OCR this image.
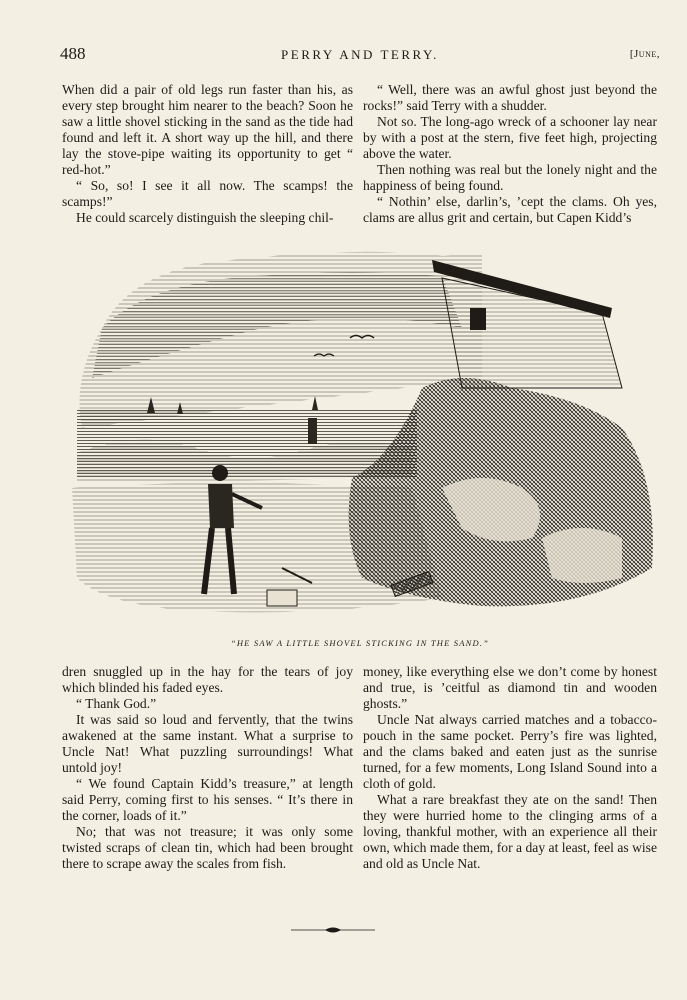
488	PERRY AND TERRY.	[June,

When did a pair of old legs run faster than his, as every step brought him nearer to the beach? Soon he saw a little shovel sticking in the sand as the tide had found and left it. A short way up the hill, and there lay the stove-pipe waiting its opportunity to get “ red-hot.”

“ So, so! I see it all now. The scamps! the scamps!”

He could scarcely distinguish the sleeping chil-

“ Well, there was an awful ghost just beyond the rocks!” said Terry with a shudder.

Not so. The long-ago wreck of a schooner lay near by with a post at the stern, five feet high, projecting above the water.

Then nothing was real but the lonely night and the happiness of being found.

“ Nothin’ else, darlin’s, ’cept the clams. Oh yes, clams are allus grit and certain, but Capen Kidd’s

“HE SAW A LITTLE SHOVEL STICKING IN THE SAND.”

dren snuggled up in the hay for the tears of joy which blinded his faded eyes.

“ Thank God.”

It was said so loud and fervently, that the twins awakened at the same instant. What a surprise to Uncle Nat! What puzzling surroundings! What untold joy!

“ We found Captain Kidd’s treasure,” at length said Perry, coming first to his senses. “ It’s there in the corner, loads of it.”

No; that was not treasure; it was only some twisted scraps of clean tin, which had been brought there to scrape away the scales from fish.

money, like everything else we don’t come by honest and true, is ’ceitful as diamond tin and wooden ghosts.”

Uncle Nat always carried matches and a tobacco-pouch in the same pocket. Perry’s fire was lighted, and the clams baked and eaten just as the sunrise turned, for a few moments, Long Island Sound into a cloth of gold.

What a rare breakfast they ate on the sand! Then they were hurried home to the clinging arms of a loving, thankful mother, with an experience all their own, which made them, for a day at least, feel as wise and old as Uncle Nat.
